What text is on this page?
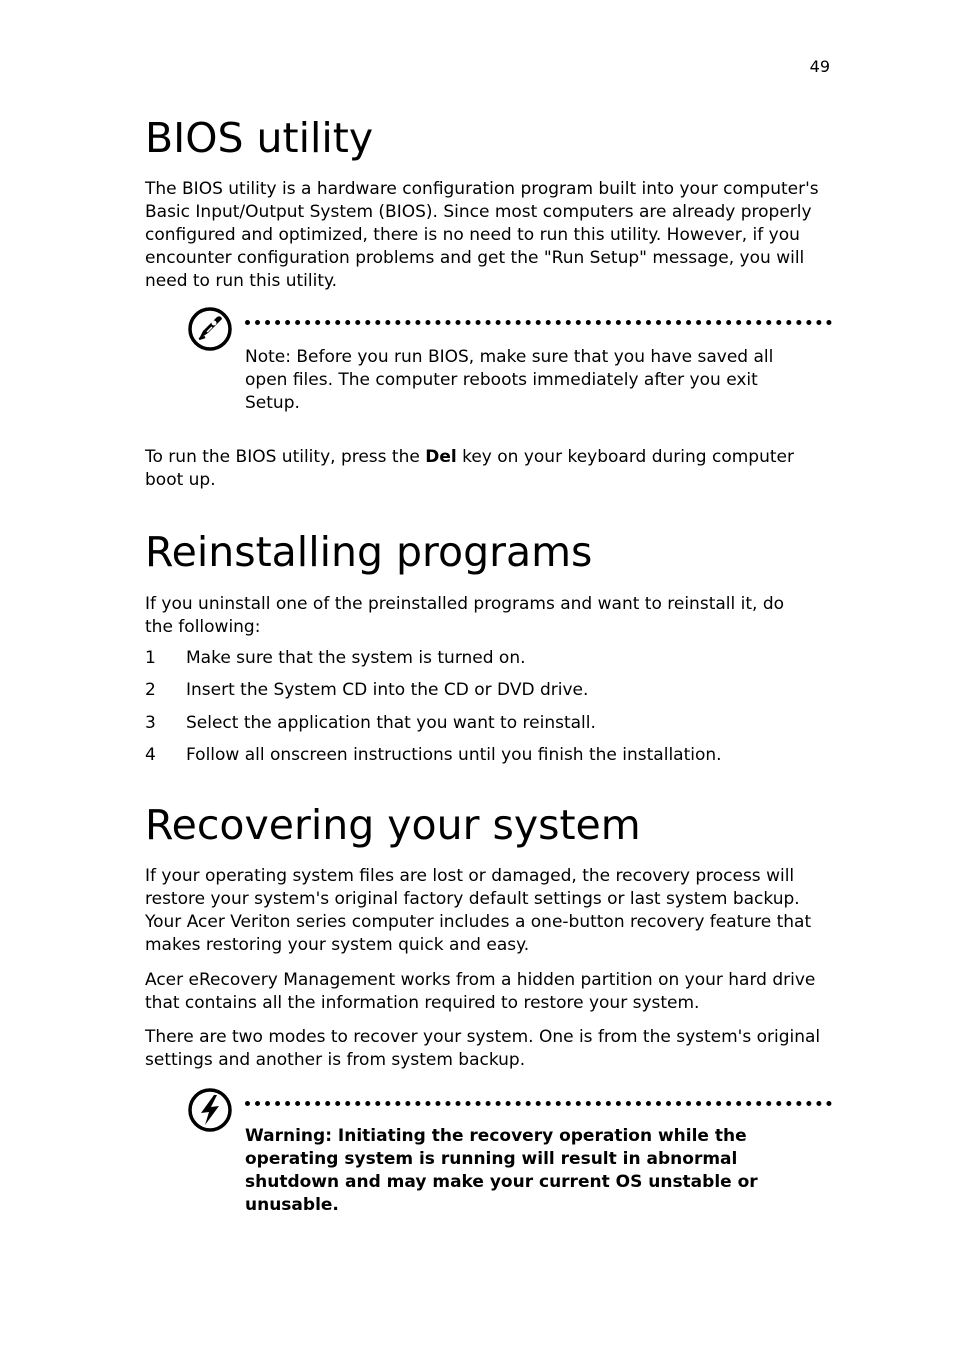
49
BIOS utility

The BIOS utility is a hardware configuration program built into your computer's Basic Input/Output System (BIOS). Since most computers are already properly configured and optimized, there is no need to run this utility. However, if you encounter configuration problems and get the "Run Setup" message, you will need to run this utility.

Note: Before you run BIOS, make sure that you have saved all open files. The computer reboots immediately after you exit Setup.

To run the BIOS utility, press the Del key on your keyboard during computer boot up.

Reinstalling programs

If you uninstall one of the preinstalled programs and want to reinstall it, do the following:

1 Make sure that the system is turned on.
2 Insert the System CD into the CD or DVD drive.
3 Select the application that you want to reinstall.
4 Follow all onscreen instructions until you finish the installation.
Recovering your system

If your operating system files are lost or damaged, the recovery process will restore your system's original factory default settings or last system backup. Your Acer Veriton series computer includes a one-button recovery feature that makes restoring your system quick and easy.

Acer eRecovery Management works from a hidden partition on your hard drive that contains all the information required to restore your system.

There are two modes to recover your system. One is from the system's original settings and another is from system backup.

Warning: Initiating the recovery operation while the operating system is running will result in abnormal shutdown and may make your current OS unstable or unusable.
